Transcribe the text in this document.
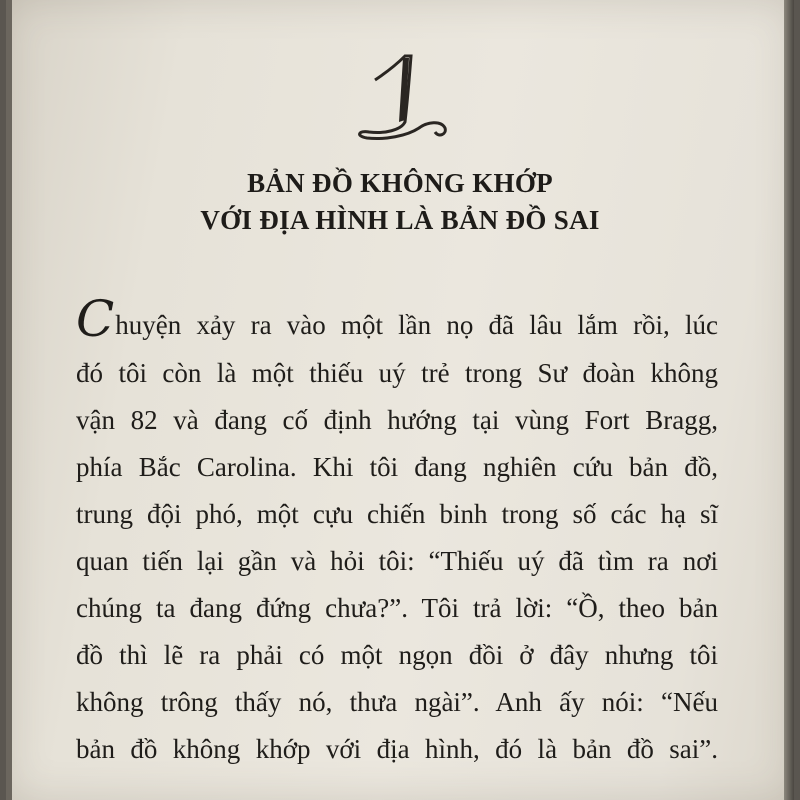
1
BẢN ĐỒ KHÔNG KHỚP
VỚI ĐỊA HÌNH LÀ BẢN ĐỒ SAI
Chuyện xảy ra vào một lần nọ đã lâu lắm rồi, lúc
đó tôi còn là một thiếu uý trẻ trong Sư đoàn không
vận 82 và đang cố định hướng tại vùng Fort Bragg,
phía Bắc Carolina. Khi tôi đang nghiên cứu bản đồ,
trung đội phó, một cựu chiến binh trong số các hạ sĩ
quan tiến lại gần và hỏi tôi: “Thiếu uý đã tìm ra nơi
chúng ta đang đứng chưa?”. Tôi trả lời: “Ồ, theo bản
đồ thì lẽ ra phải có một ngọn đồi ở đây nhưng tôi
không trông thấy nó, thưa ngài”. Anh ấy nói: “Nếu
bản đồ không khớp với địa hình, đó là bản đồ sai”.
